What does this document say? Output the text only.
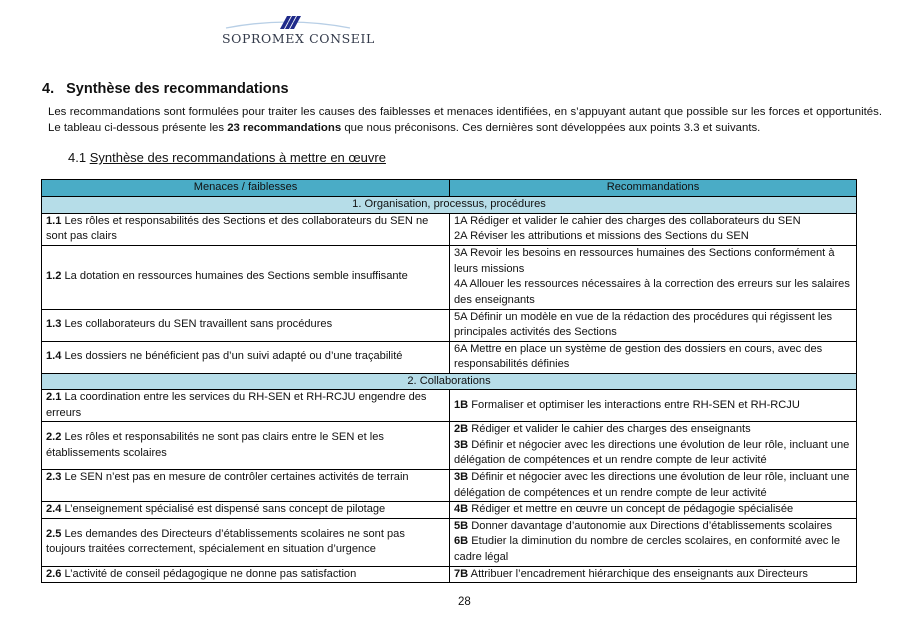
SOPROMEX CONSEIL
4. Synthèse des recommandations
Les recommandations sont formulées pour traiter les causes des faiblesses et menaces identifiées, en s’appuyant autant que possible sur les forces et opportunités. Le tableau ci-dessous présente les 23 recommandations que nous préconisons. Ces dernières sont développées aux points 3.3 et suivants.
4.1 Synthèse des recommandations à mettre en œuvre
Menaces / faiblesses	Recommandations
1. Organisation, processus, procédures	
1.1 Les rôles et responsabilités des Sections et des collaborateurs du SEN ne sont pas clairs	1A Rédiger et valider le cahier des charges des collaborateurs du SEN
2A Réviser les attributions et missions des Sections du SEN

1.2 La dotation en ressources humaines des Sections semble insuffisante	3A Revoir les besoins en ressources humaines des Sections conformément à leurs missions
4A Allouer les ressources nécessaires à la correction des erreurs sur les salaires des enseignants

1.3 Les collaborateurs du SEN travaillent sans procédures	5A Définir un modèle en vue de la rédaction des procédures qui régissent les principales activités des Sections

1.4 Les dossiers ne bénéficient pas d’un suivi adapté ou d’une traçabilité	6A Mettre en place un système de gestion des dossiers en cours, avec des responsabilités définies

2. Collaborations	
2.1 La coordination entre les services du RH-SEN et RH-RCJU engendre des erreurs	1B Formaliser et optimiser les interactions entre RH-SEN et RH-RCJU

2.2 Les rôles et responsabilités ne sont pas clairs entre le SEN et les établissements scolaires	2B Rédiger et valider le cahier des charges des enseignants
3B Définir et négocier avec les directions une évolution de leur rôle, incluant une délégation de compétences et un rendre compte de leur activité

2.3 Le SEN n’est pas en mesure de contrôler certaines activités de terrain	3B Définir et négocier avec les directions une évolution de leur rôle, incluant une délégation de compétences et un rendre compte de leur activité

2.4 L’enseignement spécialisé est dispensé sans concept de pilotage	4B Rédiger et mettre en œuvre un concept de pédagogie spécialisée

2.5 Les demandes des Directeurs d’établissements scolaires ne sont pas toujours traitées correctement, spécialement en situation d’urgence	5B Donner davantage d’autonomie aux Directions d’établissements scolaires
6B Etudier la diminution du nombre de cercles scolaires, en conformité avec le cadre légal

2.6 L’activité de conseil pédagogique ne donne pas satisfaction	7B Attribuer l’encadrement hiérarchique des enseignants aux Directeurs
28
